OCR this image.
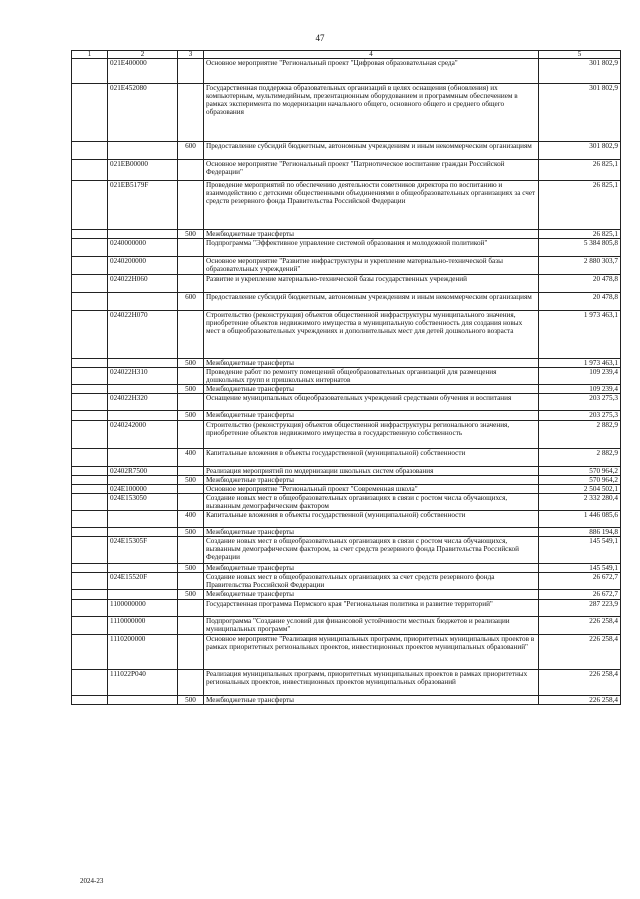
47
1	2	3	4	5
	021E400000		Основное мероприятие "Региональный проект "Цифровая образовательная среда"	301 802,9
	021E452080		Государственная поддержка образовательных организаций в целях оснащения (обновления) их компьютерным, мультимедийным, презентационным оборудованием и программным обеспечением в рамках эксперимента по модернизации начального общего, основного общего и среднего общего образования	301 802,9
		600	Предоставление субсидий бюджетным, автономным учреждениям и иным некоммерческим организациям	301 802,9
	021EB00000		Основное мероприятие "Региональный проект "Патриотическое воспитание граждан Российской Федерации"	26 825,1
	021EB5179F		Проведение мероприятий по обеспечению деятельности советников директора по воспитанию и взаимодействию с детскими общественными объединениями в общеобразовательных организациях за счет средств резервного фонда Правительства Российской Федерации	26 825,1
		500	Межбюджетные трансферты	26 825,1
	0240000000		Подпрограмма "Эффективное управление системой образования и молодежной политикой"	5 384 805,8
	0240200000		Основное мероприятие "Развитие инфраструктуры и укрепление материально-технической базы образовательных учреждений"	2 880 303,7
	024022Н060		Развитие и укрепление материально-технической базы государственных учреждений	20 478,8
		600	Предоставление субсидий бюджетным, автономным учреждениям и иным некоммерческим организациям	20 478,8
	024022Н070		Строительство (реконструкция) объектов общественной инфраструктуры муниципального значения, приобретение объектов недвижимого имущества в муниципальную собственность для создания новых мест в общеобразовательных учреждениях и дополнительных мест для детей дошкольного возраста	1 973 463,1
		500	Межбюджетные трансферты	1 973 463,1
	024022Н310		Проведение работ по ремонту помещений общеобразовательных организаций для размещения дошкольных групп и пришкольных интернатов	109 239,4
		500	Межбюджетные трансферты	109 239,4
	024022Н320		Оснащение муниципальных общеобразовательных учреждений средствами обучения и воспитания	203 275,3
		500	Межбюджетные трансферты	203 275,3
	0240242000		Строительство (реконструкция) объектов общественной инфраструктуры регионального значения, приобретение объектов недвижимого имущества в государственную собственность	2 882,9
		400	Капитальные вложения в объекты государственной (муниципальной) собственности	2 882,9
	02402R7500		Реализация мероприятий по модернизации школьных систем образования	570 964,2
		500	Межбюджетные трансферты	570 964,2
	024E100000		Основное мероприятие "Региональный проект "Современная школа"	2 504 502,1
	024E153050		Создание новых мест в общеобразовательных организациях в связи с ростом числа обучающихся, вызванным демографическим фактором	2 332 280,4
		400	Капитальные вложения в объекты государственной (муниципальной) собственности	1 446 085,6
		500	Межбюджетные трансферты	886 194,8
	024E15305F		Создание новых мест в общеобразовательных организациях в связи с ростом числа обучающихся, вызванным демографическим фактором, за счет средств резервного фонда Правительства Российской Федерации	145 549,1
		500	Межбюджетные трансферты	145 549,1
	024E15520F		Создание новых мест в общеобразовательных организациях за счет средств резервного фонда Правительства Российской Федерации	26 672,7
		500	Межбюджетные трансферты	26 672,7
	1100000000		Государственная программа Пермского края "Региональная политика и развитие территорий"	287 223,9
	1110000000		Подпрограмма "Создание условий для финансовой устойчивости местных бюджетов и реализации муниципальных программ"	226 258,4
	1110200000		Основное мероприятие "Реализация муниципальных программ, приоритетных муниципальных проектов в рамках приоритетных региональных проектов, инвестиционных проектов муниципальных образований"	226 258,4
	111022Р040		Реализация муниципальных программ, приоритетных муниципальных проектов в рамках приоритетных региональных проектов, инвестиционных проектов муниципальных образований	226 258,4
		500	Межбюджетные трансферты	226 258,4
2024-23
